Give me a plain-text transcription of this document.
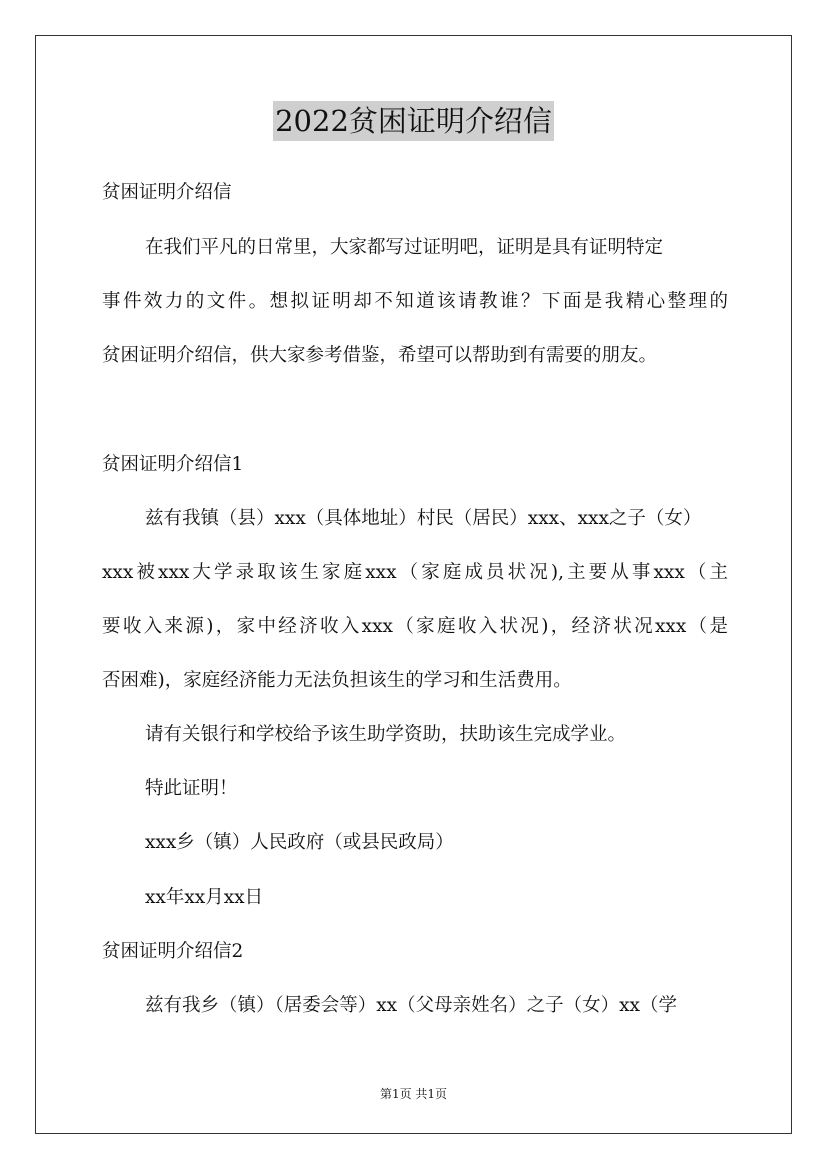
2022贫困证明介绍信
贫困证明介绍信
在我们平凡的日常里，大家都写过证明吧，证明是具有证明特定
事件效力的文件。想拟证明却不知道该请教谁？下面是我精心整理的
贫困证明介绍信，供大家参考借鉴，希望可以帮助到有需要的朋友。
贫困证明介绍信1
兹有我镇（县）xxx（具体地址）村民（居民）xxx、xxx之子（女）
xxx被xxx大学录取该生家庭xxx（家庭成员状况),主要从事xxx（主
要收入来源)，家中经济收入xxx（家庭收入状况)，经济状况xxx（是
否困难)，家庭经济能力无法负担该生的学习和生活费用。
请有关银行和学校给予该生助学资助，扶助该生完成学业。
特此证明！
xxx乡（镇）人民政府（或县民政局）
xx年xx月xx日
贫困证明介绍信2
兹有我乡（镇）（居委会等）xx（父母亲姓名）之子（女）xx（学
第1页 共1页
